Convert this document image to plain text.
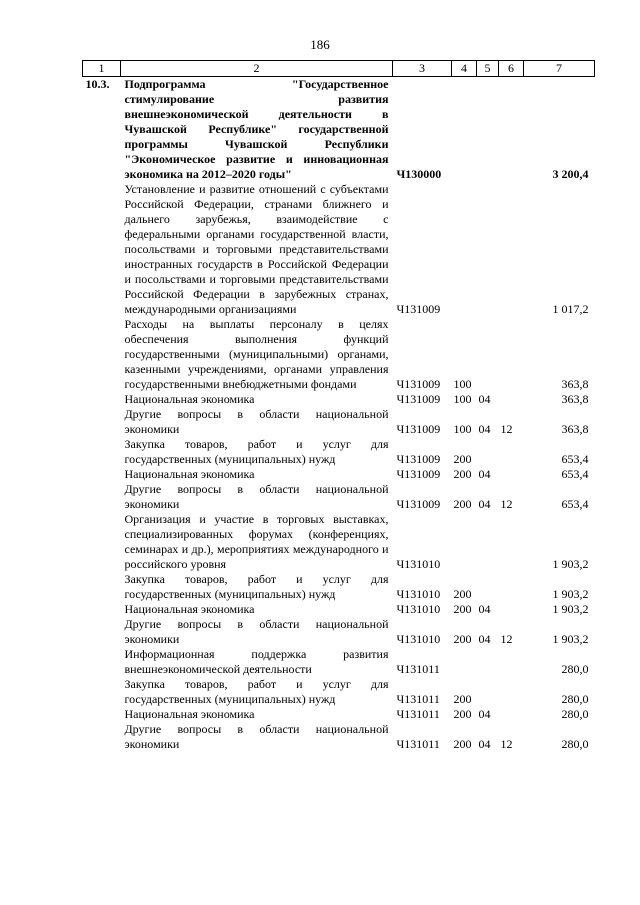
186
1	2	3	4	5	6	7
10.3.	Подпрограмма "Государственное стимулирование развития внешнеэкономической деятельности в Чувашской Республике" государственной программы Чувашской Республики "Экономическое развитие и инновационная экономика на 2012–2020 годы"	Ч130000				3 200,4
	Установление и развитие отношений с субъектами Российской Федерации, странами ближнего и дальнего зарубежья, взаимодействие с федеральными органами государственной власти, посольствами и торговыми представительствами иностранных государств в Российской Федерации и посольствами и торговыми представительствами Российской Федерации в зарубежных странах, международными организациями	Ч131009				1 017,2
	Расходы на выплаты персоналу в целях обеспечения выполнения функций государственными (муниципальными) органами, казенными учреждениями, органами управления государственными внебюджетными фондами	Ч131009	100			363,8
	Национальная экономика	Ч131009	100	04		363,8
	Другие вопросы в области национальной экономики	Ч131009	100	04	12	363,8
	Закупка товаров, работ и услуг для государственных (муниципальных) нужд	Ч131009	200			653,4
	Национальная экономика	Ч131009	200	04		653,4
	Другие вопросы в области национальной экономики	Ч131009	200	04	12	653,4
	Организация и участие в торговых выставках, специализированных форумах (конференциях, семинарах и др.), мероприятиях международного и российского уровня	Ч131010				1 903,2
	Закупка товаров, работ и услуг для государственных (муниципальных) нужд	Ч131010	200			1 903,2
	Национальная экономика	Ч131010	200	04		1 903,2
	Другие вопросы в области национальной экономики	Ч131010	200	04	12	1 903,2
	Информационная поддержка развития внешнеэкономической деятельности	Ч131011				280,0
	Закупка товаров, работ и услуг для государственных (муниципальных) нужд	Ч131011	200			280,0
	Национальная экономика	Ч131011	200	04		280,0
	Другие вопросы в области национальной экономики	Ч131011	200	04	12	280,0
